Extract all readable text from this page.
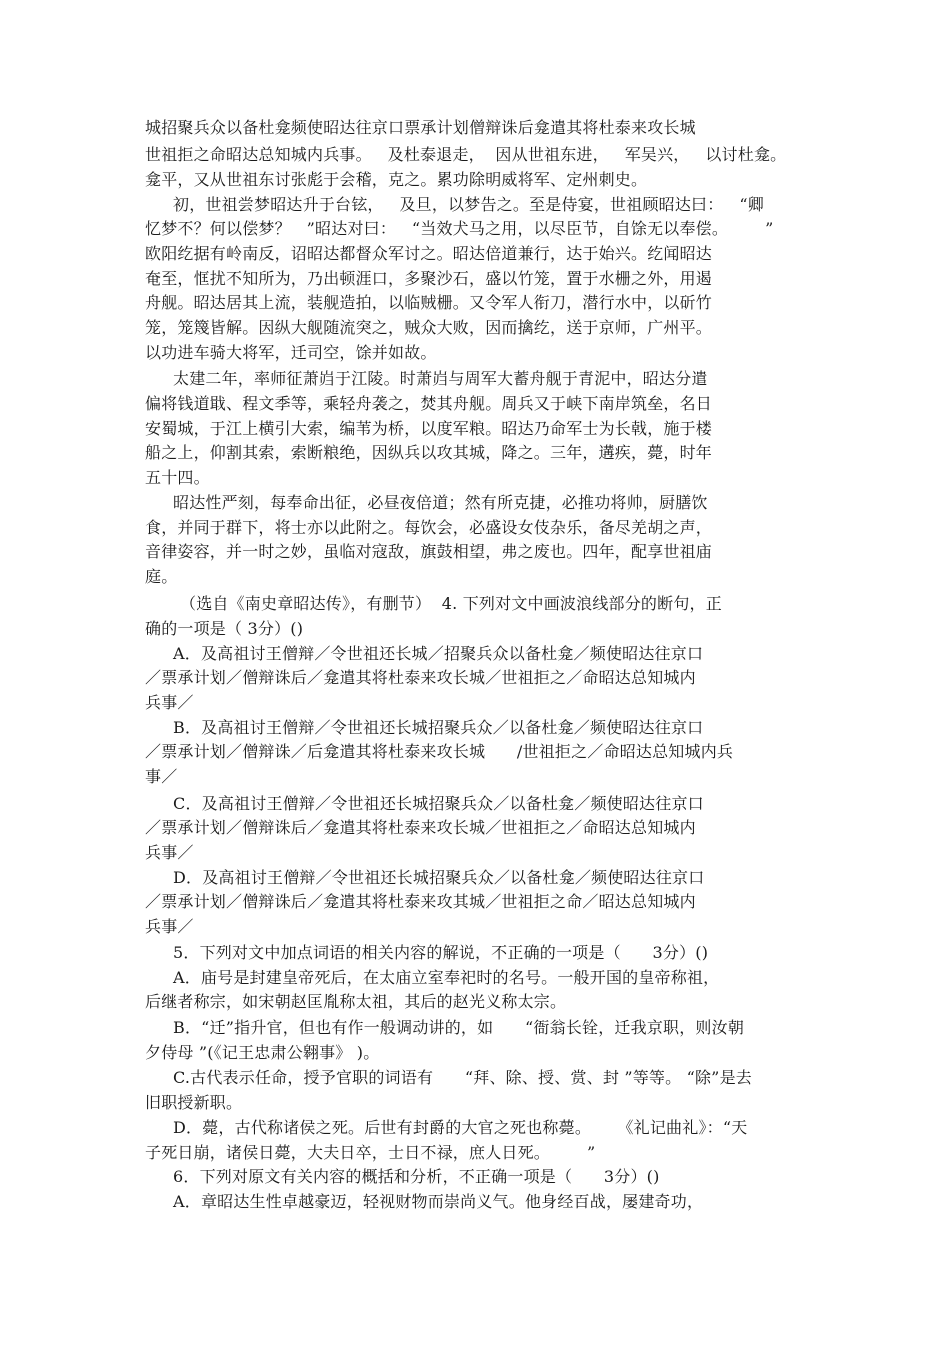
城招聚兵众以备杜龛频使昭达往京口票承计划僧辩诛后龛遣其将杜泰来攻长城
世祖拒之命昭达总知城内兵事。   及杜泰退走，  因从世祖东进，   军吴兴，   以讨杜龛。
龛平，又从世祖东讨张彪于会稽，克之。累功除明威将军、定州刺史。
初，世祖尝梦昭达升于台铉，   及旦，以梦告之。至是侍宴，世祖顾昭达曰：   “卿
忆梦不？何以偿梦？   ”昭达对曰：   “当效犬马之用，以尽臣节，自馀无以奉偿。       ”
欧阳纥据有岭南反，诏昭达都督众军讨之。昭达倍道兼行，达于始兴。纥闻昭达
奄至，恇扰不知所为，乃出顿涯口，多聚沙石，盛以竹笼，置于水栅之外，用遏
舟舰。昭达居其上流，装舰造拍，以临贼栅。又令军人衔刀，潜行水中，以斫竹
笼，笼篾皆解。因纵大舰随流突之，贼众大败，因而擒纥，送于京师，广州平。
以功进车骑大将军，迁司空，馀并如故。
太建二年，率师征萧岿于江陵。时萧岿与周军大蓄舟舰于青泥中，昭达分遣
偏将钱道戢、程文季等，乘轻舟袭之，焚其舟舰。周兵又于峡下南岸筑垒，名日
安蜀城，于江上横引大索，编苇为桥，以度军粮。昭达乃命军士为长戟，施于楼
船之上，仰割其索，索断粮绝，因纵兵以攻其城，降之。三年，遘疾，薨，时年
五十四。
昭达性严刻，每奉命出征，必昼夜倍道；然有所克捷，必推功将帅，厨膳饮
食，并同于群下，将士亦以此附之。每饮会，必盛设女伎杂乐，备尽羌胡之声，
音律姿容，并一时之妙，虽临对寇敌，旗鼓相望，弗之废也。四年，配享世祖庙
庭。
（选自《南史章昭达传》，有删节）  4. 下列对文中画波浪线部分的断句，正
确的一项是（ 3分）()
A．及高祖讨王僧辩／令世祖还长城／招聚兵众以备杜龛／频使昭达往京口
／票承计划／僧辩诛后／龛遣其将杜泰来攻长城／世祖拒之／命昭达总知城内
兵事／
B．及高祖讨王僧辩／令世祖还长城招聚兵众／以备杜龛／频使昭达往京口
／票承计划／僧辩诛／后龛遣其将杜泰来攻长城      /世祖拒之／命昭达总知城内兵
事／
C．及高祖讨王僧辩／令世祖还长城招聚兵众／以备杜龛／频使昭达往京口
／票承计划／僧辩诛后／龛遣其将杜泰来攻长城／世祖拒之／命昭达总知城内
兵事／
D．及高祖讨王僧辩／令世祖还长城招聚兵众／以备杜龛／频使昭达往京口
／票承计划／僧辩诛后／龛遣其将杜泰来攻其城／世祖拒之命／昭达总知城内
兵事／
5．下列对文中加点词语的相关内容的解说，不正确的一项是（      3分）()
A．庙号是封建皇帝死后，在太庙立室奉祀时的名号。一般开国的皇帝称祖，
后继者称宗，如宋朝赵匡胤称太祖，其后的赵光义称太宗。
B．“迁”指升官，但也有作一般调动讲的，如      “衙翁长铨，迁我京职，则汝朝
夕侍母 ”(《记王忠肃公翱事》 )。
C.古代表示任命，授予官职的词语有      “拜、除、授、赏、封 ”等等。 “除”是去
旧职授新职。
D．薨，古代称诸侯之死。后世有封爵的大官之死也称薨。     《礼记曲礼》：“天
子死日崩，诸侯日薨，大夫日卒，士日不禄，庶人日死。       ”
6．下列对原文有关内容的概括和分析，不正确一项是（      3分）()
A．章昭达生性卓越豪迈，轻视财物而崇尚义气。他身经百战，屡建奇功，
